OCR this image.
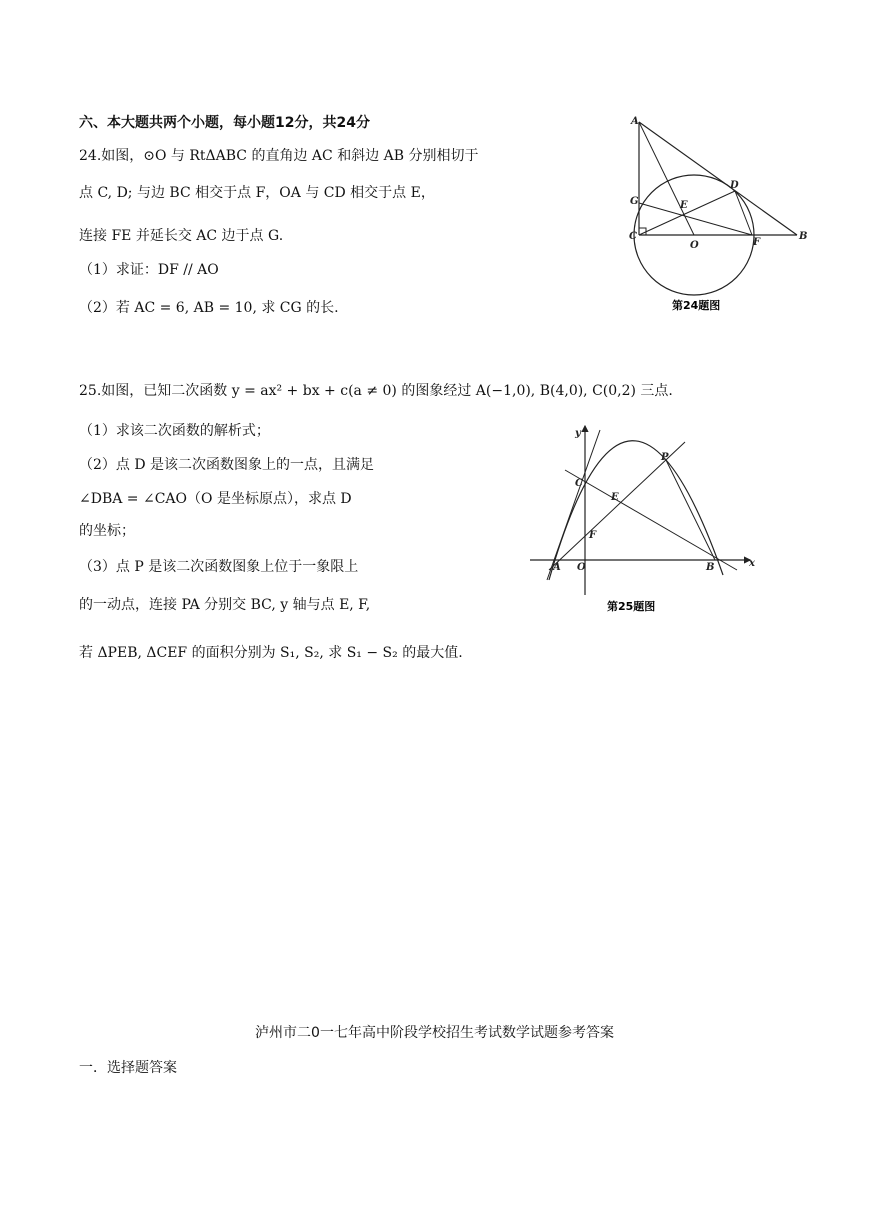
六、本大题共两个小题，每小题12分，共24分
24.如图，⊙O 与 RtΔABC 的直角边 AC 和斜边 AB 分别相切于
点 C, D; 与边 BC 相交于点 F，OA 与 CD 相交于点 E，
连接 FE 并延长交 AC 边于点 G.
（1）求证：DF // AO
（2）若 AC = 6, AB = 10, 求 CG 的长.
A
D
G	E
C
O	F
B
第24题图
25.如图，已知二次函数 y = ax² + bx + c(a ≠ 0) 的图象经过 A(−1,0), B(4,0), C(0,2) 三点.
（1）求该二次函数的解析式；
（2）点 D 是该二次函数图象上的一点，且满足
∠DBA = ∠CAO（O 是坐标原点），求点 D
的坐标；
（3）点 P 是该二次函数图象上位于一象限上
的一动点，连接 PA 分别交 BC, y 轴与点 E, F,
若 ΔPEB, ΔCEF 的面积分别为 S₁, S₂, 求 S₁ − S₂ 的最大值.
y
P
C
E
F
A O	B	x
第25题图
泸州市二0一七年高中阶段学校招生考试数学试题参考答案
一．选择题答案
